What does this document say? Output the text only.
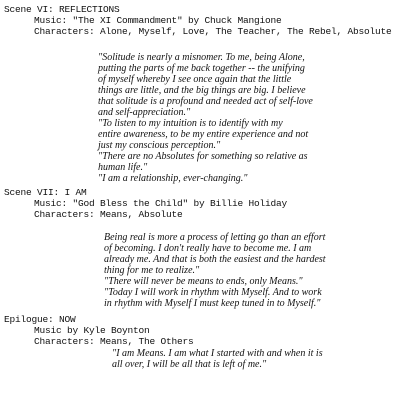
Scene VI: REFLECTIONS
Music: "The XI Commandment" by Chuck Mangione
Characters: Alone, Myself, Love, The Teacher, The Rebel, Absolute
"Solitude is nearly a misnomer. To me, being Alone,
putting the parts of me back together -- the unifying
of myself whereby I see once again that the little
things are little, and the big things are big. I believe
that solitude is a profound and needed act of self-love
and self-appreciation."
"To listen to my intuition is to identify with my
entire awareness, to be my entire experience and not
just my conscious perception."
"There are no Absolutes for something so relative as
human life."
"I am a relationship, ever-changing."
Scene VII: I AM
Music: "God Bless the Child" by Billie Holiday
Characters: Means, Absolute
Being real is more a process of letting go than an effort
of becoming. I don't really have to become me. I am
already me. And that is both the easiest and the hardest
thing for me to realize."
"There will never be means to ends, only Means."
"Today I will work in rhythm with Myself. And to work
in rhythm with Myself I must keep tuned in to Myself."
Epilogue: NOW
Music by Kyle Boynton
Characters: Means, The Others
"I am Means. I am what I started with and when it is
all over, I will be all that is left of me."
